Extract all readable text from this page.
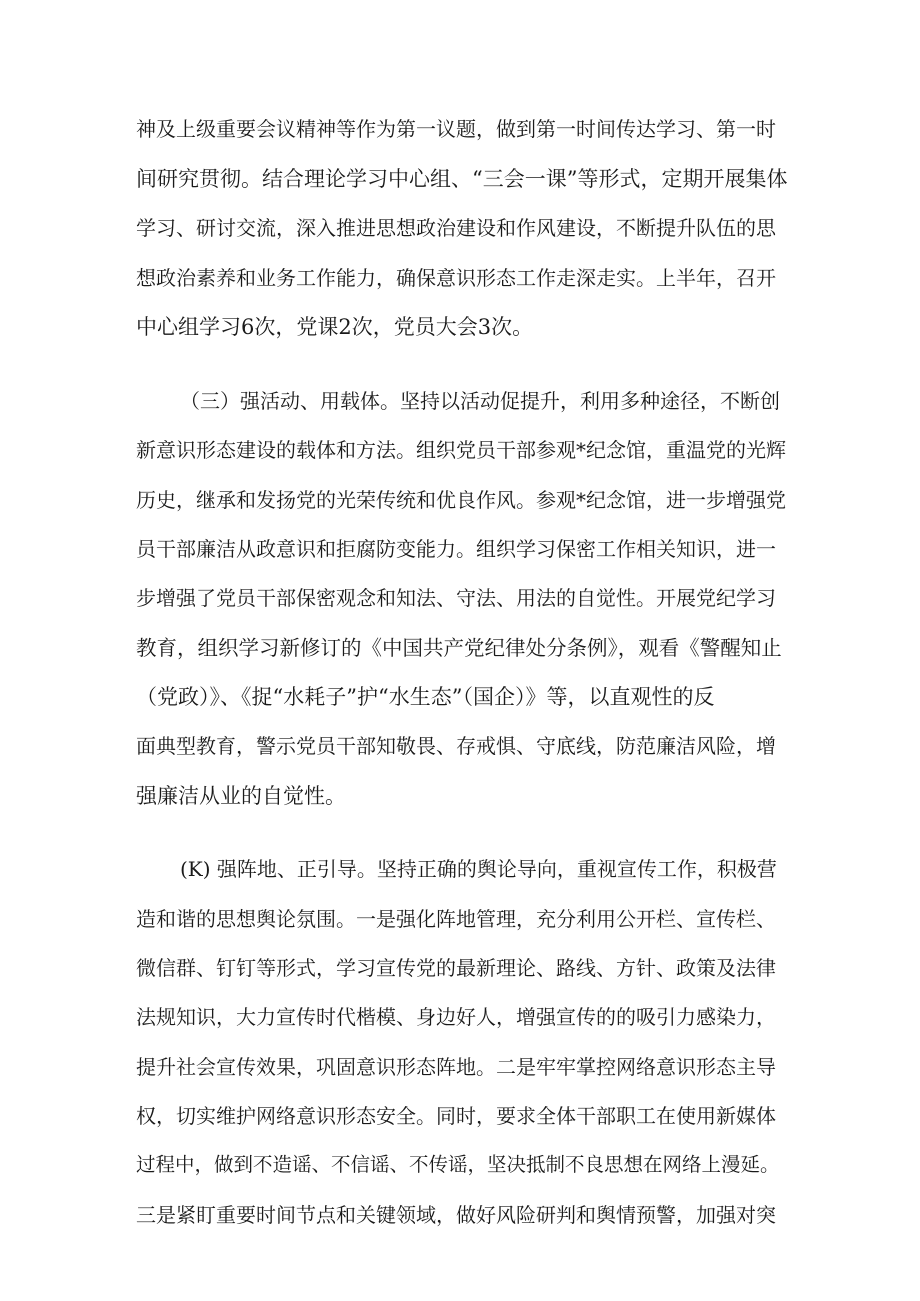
神及上级重要会议精神等作为第一议题，做到第一时间传达学习、第一时

间研究贯彻。结合理论学习中心组、“三会一课”等形式，定期开展集体

学习、研讨交流，深入推进思想政治建设和作风建设，不断提升队伍的思

想政治素养和业务工作能力，确保意识形态工作走深走实。上半年，召开

中心组学习6次，党课2次，党员大会3次。

（三）强活动、用载体。坚持以活动促提升，利用多种途径，不断创

新意识形态建设的载体和方法。组织党员干部参观*纪念馆，重温党的光辉

历史，继承和发扬党的光荣传统和优良作风。参观*纪念馆，进一步增强党

员干部廉洁从政意识和拒腐防变能力。组织学习保密工作相关知识，进一

步增强了党员干部保密观念和知法、守法、用法的自觉性。开展党纪学习

教育，组织学习新修订的《中国共产党纪律处分条例》，观看《警醒知止

（党政）》、《捉“水耗子”护“水生态”（国企）》等，以直观性的反

面典型教育，警示党员干部知敬畏、存戒惧、守底线，防范廉洁风险，增

强廉洁从业的自觉性。

(K) 强阵地、正引导。坚持正确的舆论导向，重视宣传工作，积极营

造和谐的思想舆论氛围。一是强化阵地管理，充分利用公开栏、宣传栏、

微信群、钉钉等形式，学习宣传党的最新理论、路线、方针、政策及法律

法规知识，大力宣传时代楷模、身边好人，增强宣传的的吸引力感染力，

提升社会宣传效果，巩固意识形态阵地。二是牢牢掌控网络意识形态主导

权，切实维护网络意识形态安全。同时，要求全体干部职工在使用新媒体

过程中，做到不造谣、不信谣、不传谣，坚决抵制不良思想在网络上漫延。

三是紧盯重要时间节点和关键领域，做好风险研判和舆情预警，加强对突
